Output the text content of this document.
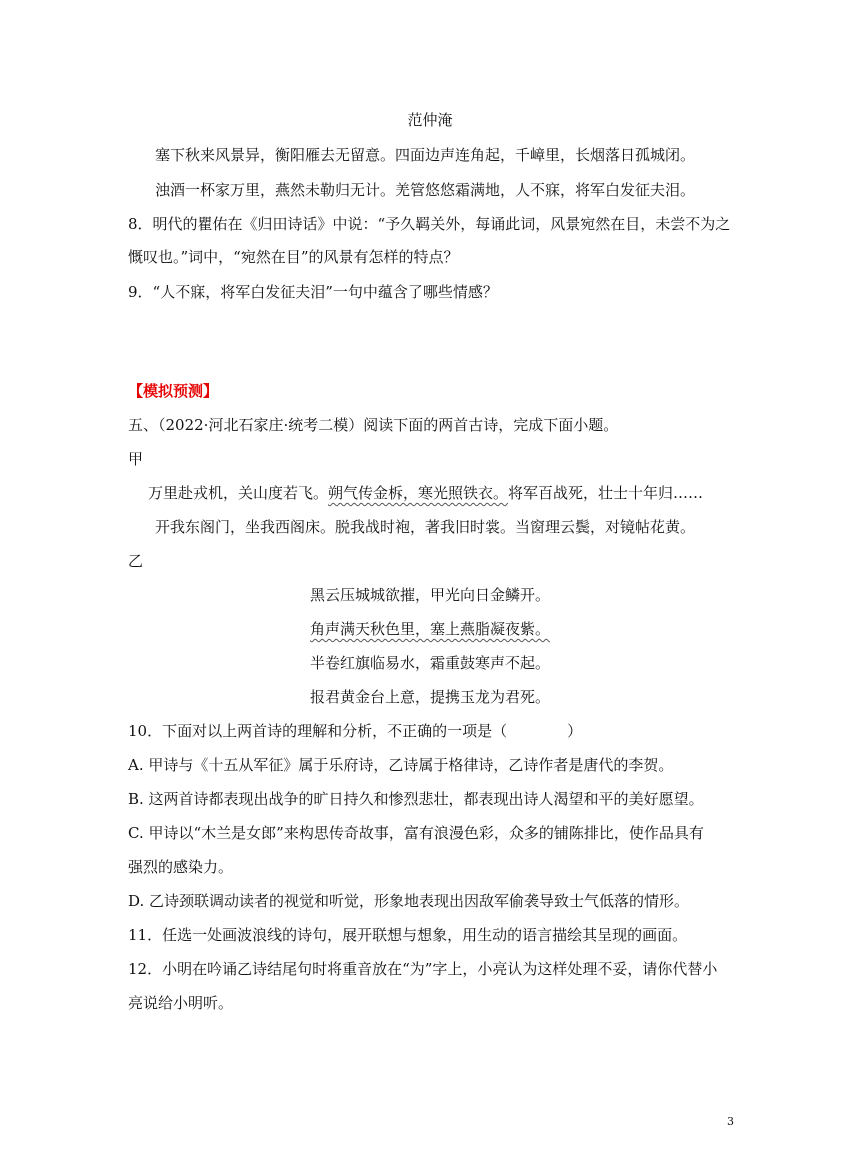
范仲淹
塞下秋来风景异，衡阳雁去无留意。四面边声连角起，千嶂里，长烟落日孤城闭。
浊酒一杯家万里，燕然未勒归无计。羌管悠悠霜满地，人不寐，将军白发征夫泪。
8．明代的瞿佑在《归田诗话》中说：“予久羁关外，每诵此词，风景宛然在目，未尝不为之
慨叹也。”词中，“宛然在目”的风景有怎样的特点？
9．“人不寐，将军白发征夫泪”一句中蕴含了哪些情感？
【模拟预测】
五、（2022·河北石家庄·统考二模）阅读下面的两首古诗，完成下面小题。
甲
万里赴戎机，关山度若飞。朔气传金柝，寒光照铁衣。将军百战死，壮士十年归……
开我东阁门，坐我西阁床。脱我战时袍，著我旧时裳。当窗理云鬓，对镜帖花黄。
乙
黑云压城城欲摧，甲光向日金鳞开。
角声满天秋色里，塞上燕脂凝夜紫。
半卷红旗临易水，霜重鼓寒声不起。
报君黄金台上意，提携玉龙为君死。
10．下面对以上两首诗的理解和分析，不正确的一项是（　　　　）
A. 甲诗与《十五从军征》属于乐府诗，乙诗属于格律诗，乙诗作者是唐代的李贺。
B. 这两首诗都表现出战争的旷日持久和惨烈悲壮，都表现出诗人渴望和平的美好愿望。
C. 甲诗以“木兰是女郎”来构思传奇故事，富有浪漫色彩，众多的铺陈排比，使作品具有
强烈的感染力。
D. 乙诗颈联调动读者的视觉和听觉，形象地表现出因敌军偷袭导致士气低落的情形。
11．任选一处画波浪线的诗句，展开联想与想象，用生动的语言描绘其呈现的画面。
12．小明在吟诵乙诗结尾句时将重音放在“为”字上，小亮认为这样处理不妥，请你代替小
亮说给小明听。
3
